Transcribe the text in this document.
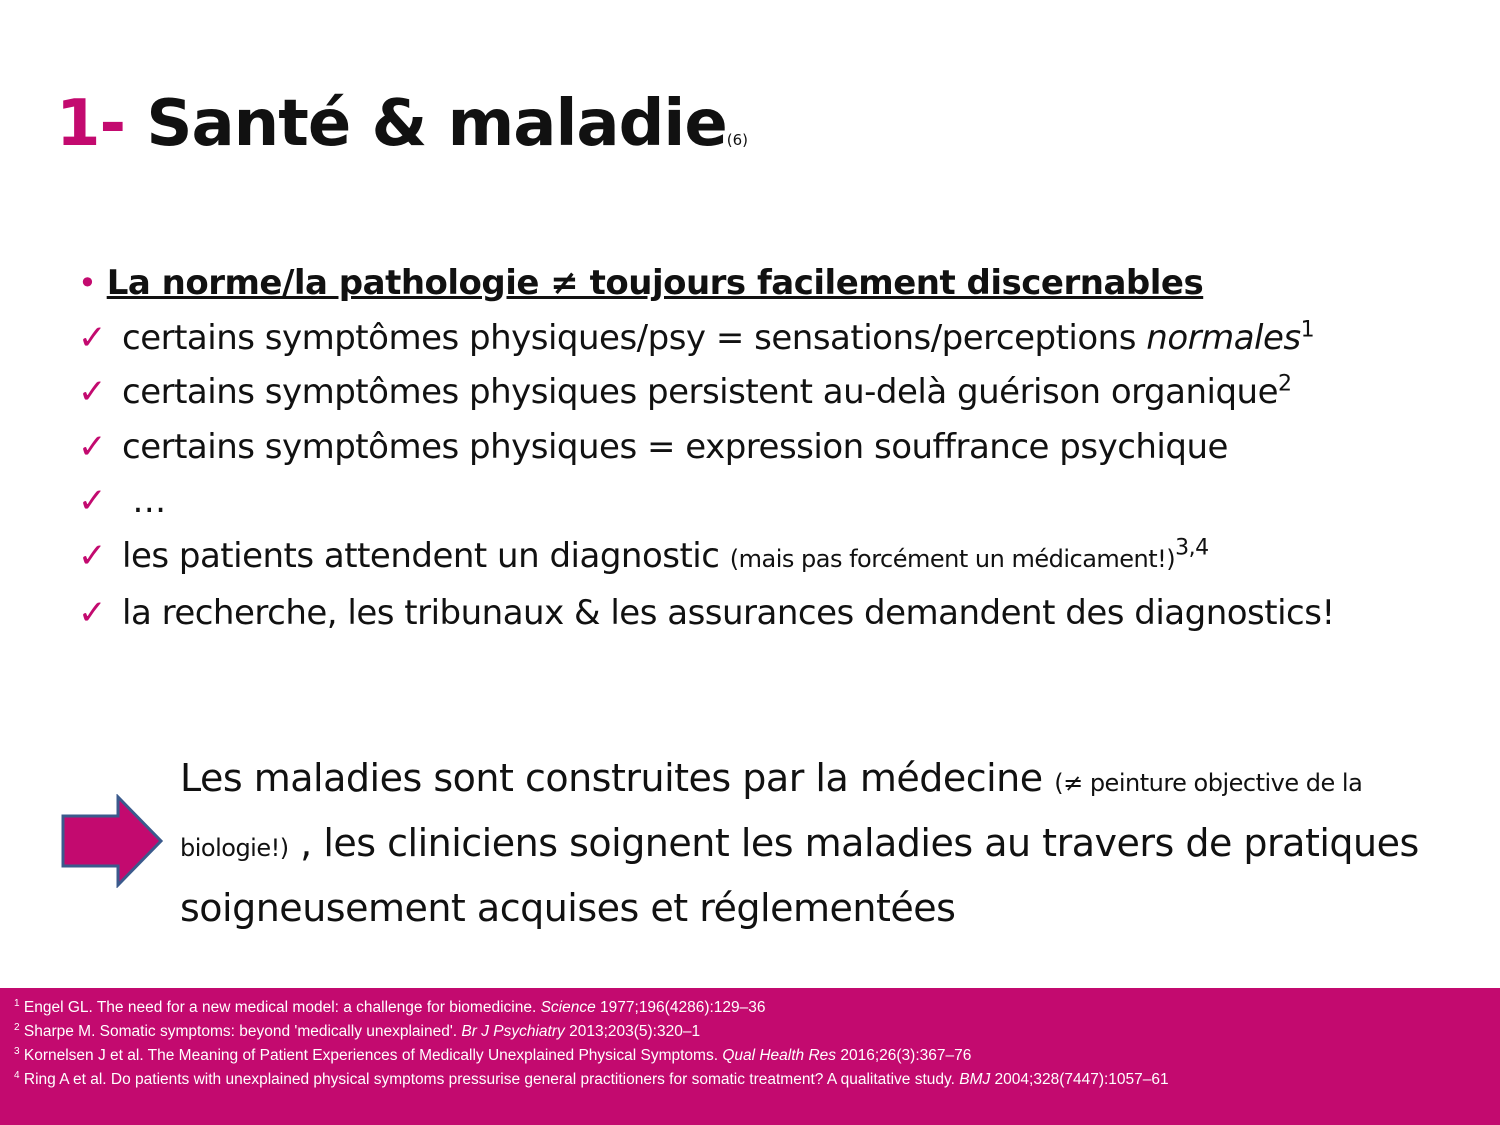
1- Santé & maladie(6)
• La norme/la pathologie ≠ toujours facilement discernables
✓ certains symptômes physiques/psy = sensations/perceptions normales$^1$
✓ certains symptômes physiques persistent au-delà guérison organique$^2$
✓ certains symptômes physiques = expression souffrance psychique
✓ …
✓ les patients attendent un diagnostic (mais pas forcément un médicament!)$^{3,4}$
✓ la recherche, les tribunaux & les assurances demandent des diagnostics!
Les maladies sont construites par la médecine (≠ peinture objective de la biologie!) , les cliniciens soignent les maladies au travers de pratiques soigneusement acquises et réglementées
$^1$ Engel GL. The need for a new medical model: a challenge for biomedicine. Science 1977;196(4286):129–36
$^2$ Sharpe M. Somatic symptoms: beyond 'medically unexplained'. Br J Psychiatry 2013;203(5):320–1
$^3$ Kornelsen J et al. The Meaning of Patient Experiences of Medically Unexplained Physical Symptoms. Qual Health Res 2016;26(3):367–76
$^4$ Ring A et al. Do patients with unexplained physical symptoms pressurise general practitioners for somatic treatment? A qualitative study. BMJ 2004;328(7447):1057–61
